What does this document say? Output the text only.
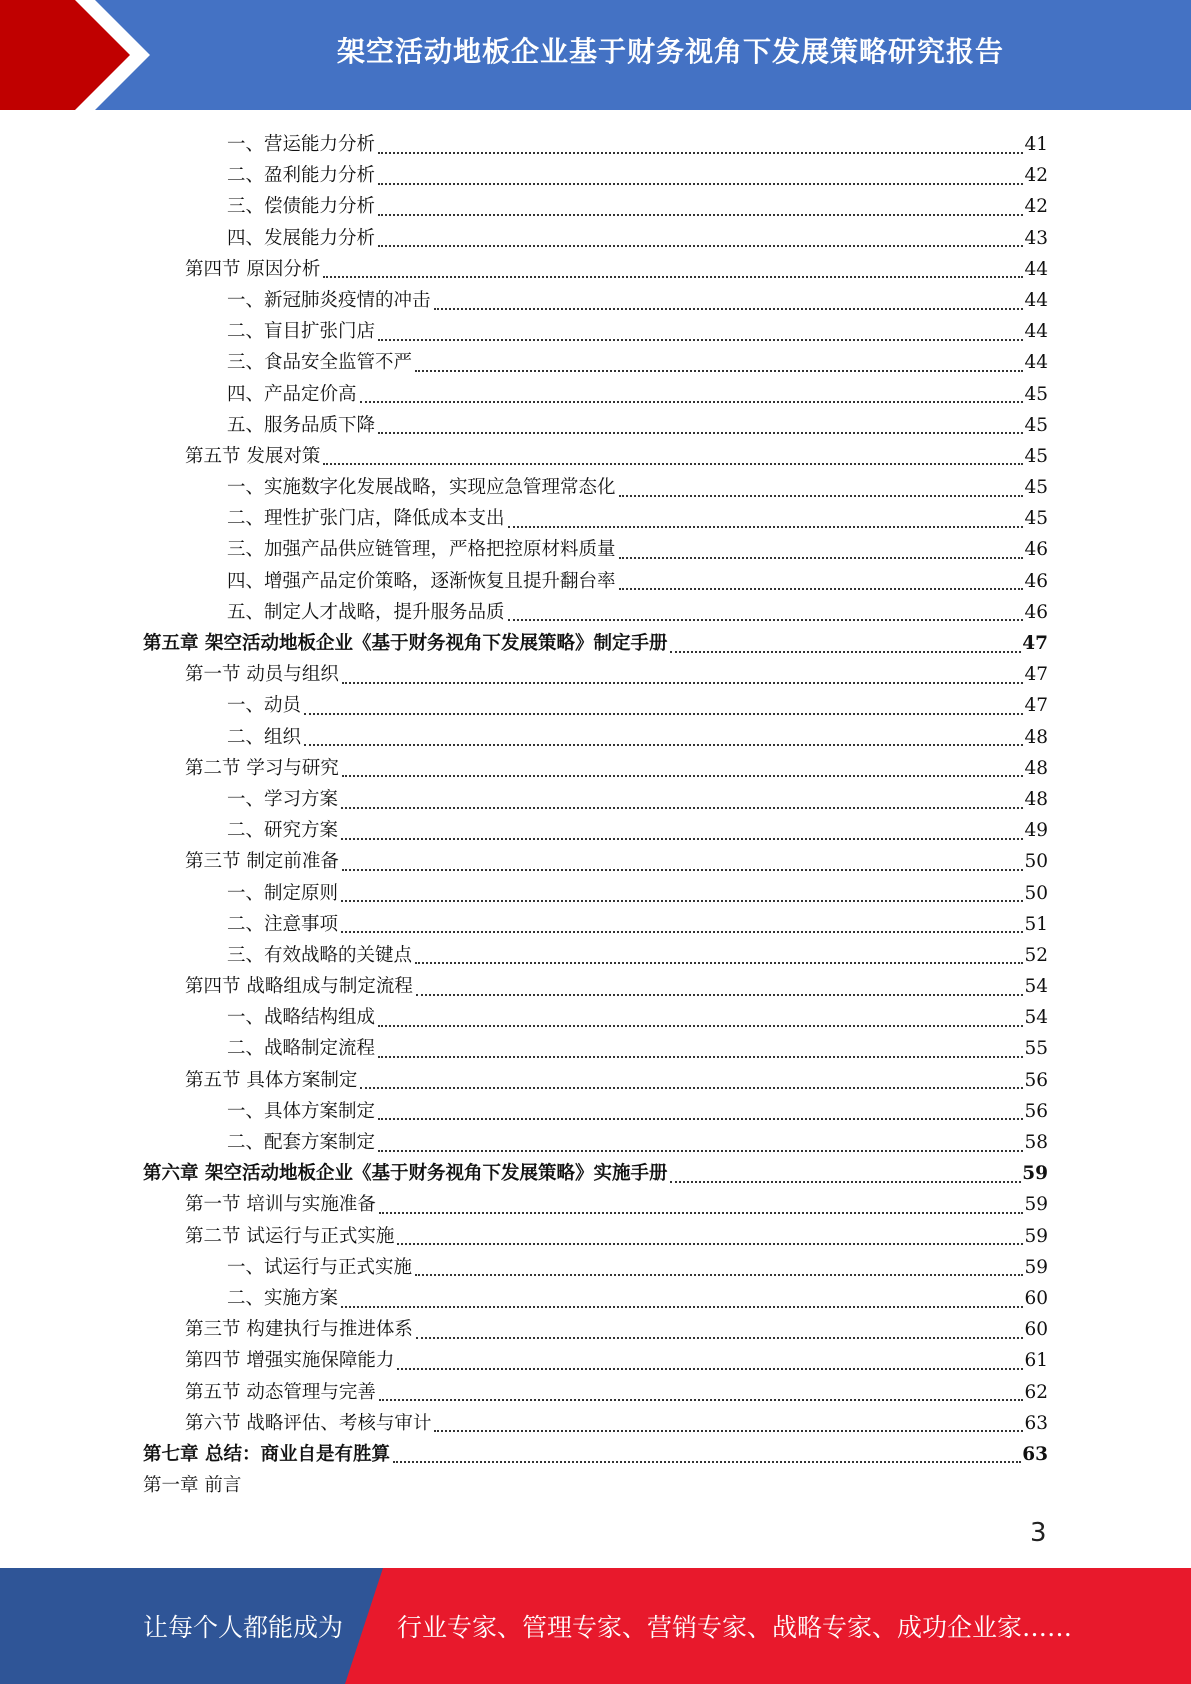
架空活动地板企业基于财务视角下发展策略研究报告
一、营运能力分析	41
二、盈利能力分析	42
三、偿债能力分析	42
四、发展能力分析	43
第四节 原因分析	44
一、新冠肺炎疫情的冲击	44
二、盲目扩张门店	44
三、食品安全监管不严	44
四、产品定价高	45
五、服务品质下降	45
第五节 发展对策	45
一、实施数字化发展战略，实现应急管理常态化	45
二、理性扩张门店，降低成本支出	45
三、加强产品供应链管理，严格把控原材料质量	46
四、增强产品定价策略，逐渐恢复且提升翻台率	46
五、制定人才战略，提升服务品质	46
第五章 架空活动地板企业《基于财务视角下发展策略》制定手册	47
第一节 动员与组织	47
一、动员	47
二、组织	48
第二节 学习与研究	48
一、学习方案	48
二、研究方案	49
第三节 制定前准备	50
一、制定原则	50
二、注意事项	51
三、有效战略的关键点	52
第四节 战略组成与制定流程	54
一、战略结构组成	54
二、战略制定流程	55
第五节 具体方案制定	56
一、具体方案制定	56
二、配套方案制定	58
第六章 架空活动地板企业《基于财务视角下发展策略》实施手册	59
第一节 培训与实施准备	59
第二节 试运行与正式实施	59
一、试运行与正式实施	59
二、实施方案	60
第三节 构建执行与推进体系	60
第四节 增强实施保障能力	61
第五节 动态管理与完善	62
第六节 战略评估、考核与审计	63
第七章 总结：商业自是有胜算	63
第一章 前言
3
让每个人都能成为 行业专家、管理专家、营销专家、战略专家、成功企业家……
